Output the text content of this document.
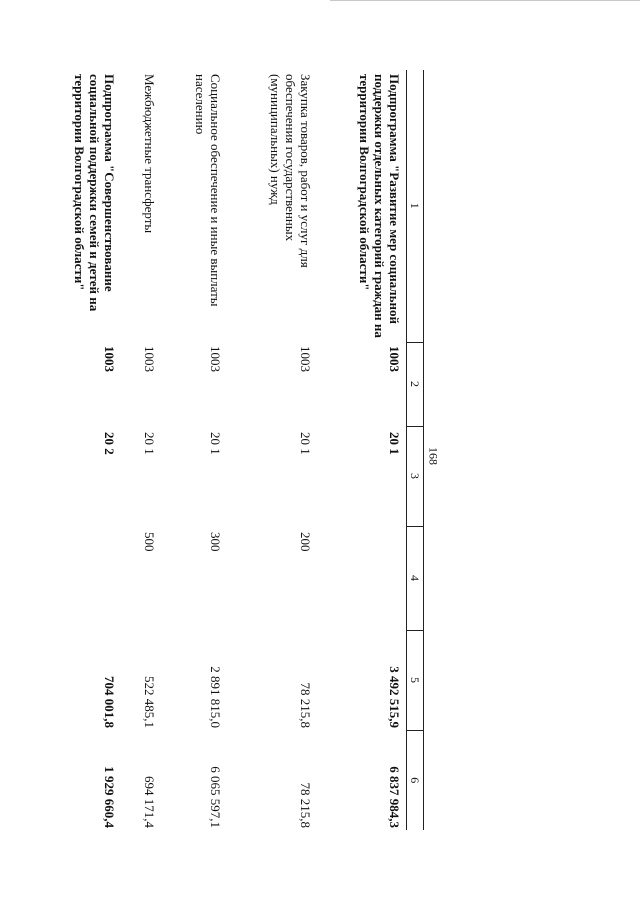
168
1	2	3	4	5	6
Подпрограмма "Развитие мер социальной поддержки отдельных категорий граждан на территории Волгоградской области"	1003	20 1		3 492 515,9	6 837 984,3
Закупка товаров, работ и услуг для обеспечения государственных (муниципальных) нужд	1003	20 1	200	78 215,8	78 215,8
Социальное обеспечение и иные выплаты населению	1003	20 1	300	2 891 815,0	6 065 597,1
Межбюджетные трансферты	1003	20 1	500	522 485,1	694 171,4
Подпрограмма "Совершенствование социальной поддержки семей и детей на территории Волгоградской области"	1003	20 2		704 001,8	1 929 660,4
